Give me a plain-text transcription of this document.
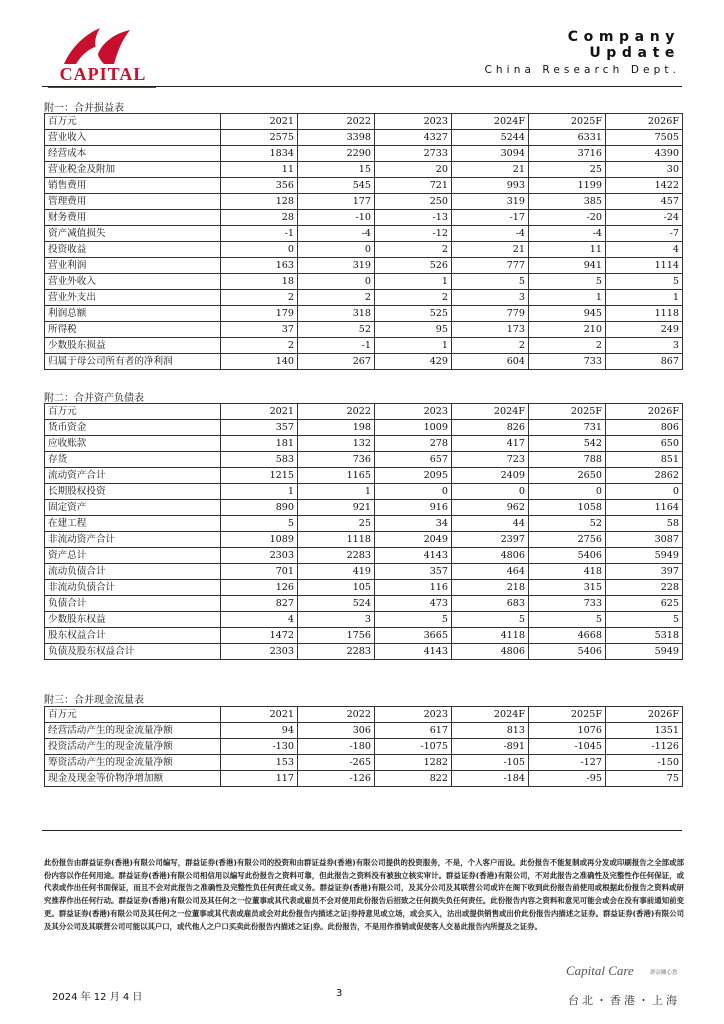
CAPITAL
Company Update
China Research Dept.
附一：合并损益表
百万元	2021	2022	2023	2024F	2025F	2026F
营业收入	2575	3398	4327	5244	6331	7505
经营成本	1834	2290	2733	3094	3716	4390
营业税金及附加	11	15	20	21	25	30
销售费用	356	545	721	993	1199	1422
管理费用	128	177	250	319	385	457
财务费用	28	-10	-13	-17	-20	-24
资产减值损失	-1	-4	-12	-4	-4	-7
投资收益	0	0	2	21	11	4
营业利润	163	319	526	777	941	1114
营业外收入	18	0	1	5	5	5
营业外支出	2	2	2	3	1	1
利润总额	179	318	525	779	945	1118
所得税	37	52	95	173	210	249
少数股东损益	2	-1	1	2	2	3
归属于母公司所有者的净利润	140	267	429	604	733	867
附二：合并资产负债表
百万元	2021	2022	2023	2024F	2025F	2026F
货币资金	357	198	1009	826	731	806
应收账款	181	132	278	417	542	650
存货	583	736	657	723	788	851
流动资产合计	1215	1165	2095	2409	2650	2862
长期股权投资	1	1	0	0	0	0
固定资产	890	921	916	962	1058	1164
在建工程	5	25	34	44	52	58
非流动资产合计	1089	1118	2049	2397	2756	3087
资产总计	2303	2283	4143	4806	5406	5949
流动负债合计	701	419	357	464	418	397
非流动负债合计	126	105	116	218	315	228
负债合计	827	524	473	683	733	625
少数股东权益	4	3	5	5	5	5
股东权益合计	1472	1756	3665	4118	4668	5318
负债及股东权益合计	2303	2283	4143	4806	5406	5949
附三：合并现金流量表
百万元	2021	2022	2023	2024F	2025F	2026F
经营活动产生的现金流量净额	94	306	617	813	1076	1351
投资活动产生的现金流量净额	-130	-180	-1075	-891	-1045	-1126
筹资活动产生的现金流量净额	153	-265	1282	-105	-127	-150
现金及现金等价物净增加额	117	-126	822	-184	-95	75
此份报告由群益证券(香港)有限公司编写，群益证券(香港)有限公司的投资和由群证益券(香港)有限公司提供的投资服务，不是，个人客户而设。此份报告不能复制或再分发或印刷报告之全部或部份内容以作任何用途。群益证券(香港)有限公司相信用以编写此份报告之资料可靠，但此报告之资料没有被独立核实审计。群益证券(香港)有限公司，不对此报告之准确性及完整性作任何保证，或代表或作出任何书面保证，而且不会对此报告之准确性及完整性负任何责任或义务。群益证券(香港)有限公司，及其分公司及其联营公司或许在阁下收到此份报告前使用或根据此份报告之资料或研究推荐作出任何行动。群益证券(香港)有限公司及其任何之一位董事或其代表或雇员不会对使用此份报告后招致之任何损失负任何责任。此份报告内容之资料和意见可能会或会在没有事前通知前变更。群益证券(香港)有限公司及其任何之一位董事或其代表或雇员或会对此份报告内描述之证|券持意见或立场，或会买入，沽出或提供销售或出价此份报告内描述之证券。群益证券(香港)有限公司及其分公司及其联营公司可能以其户口，或代他人之户口买卖此份报告内描述之证|券。此份报告，不是用作推销或促使客人交易此报告内所提及之证券。
Capital Care	群益關心您
台北・香港・上海
2024 年 12 月 4 日	3
